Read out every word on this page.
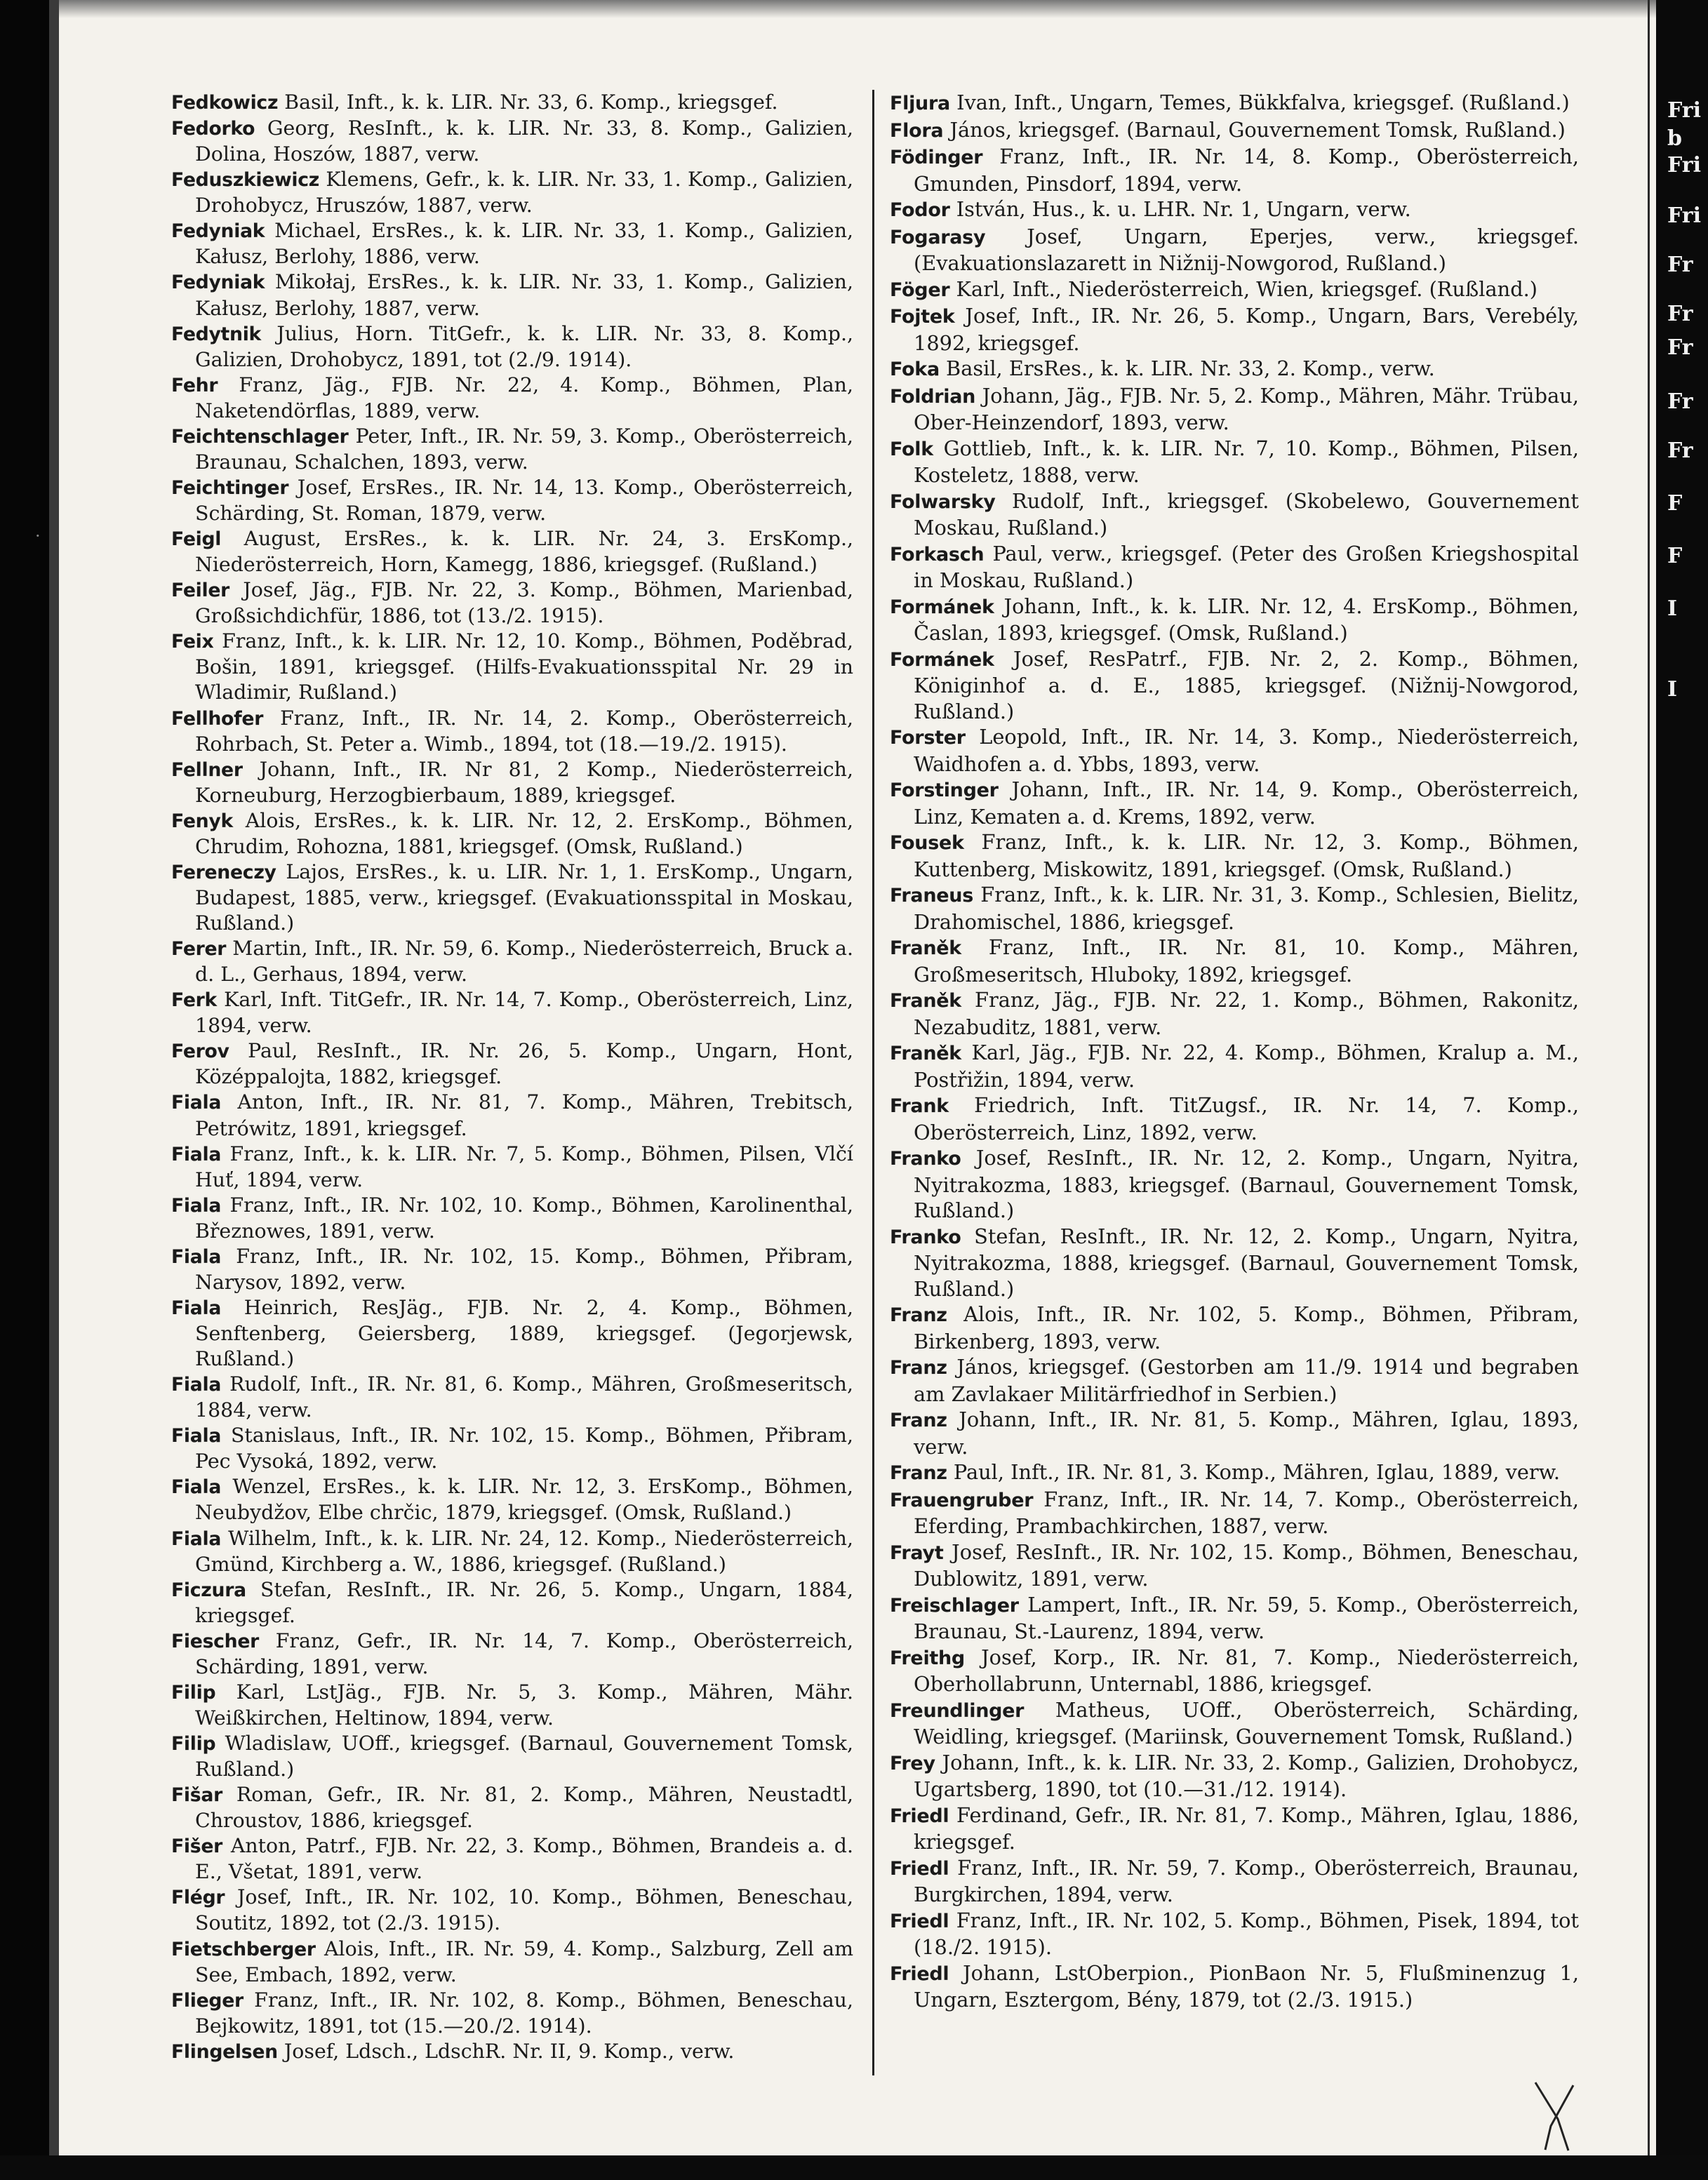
Fedkowicz Basil, Inft., k. k. LIR. Nr. 33, 6. Komp., kriegsgef.
Fedorko Georg, ResInft., k. k. LIR. Nr. 33, 8. Komp., Galizien, Dolina, Hoszów, 1887, verw.
Feduszkiewicz Klemens, Gefr., k. k. LIR. Nr. 33, 1. Komp., Galizien, Drohobycz, Hruszów, 1887, verw.
Fedyniak Michael, ErsRes., k. k. LIR. Nr. 33, 1. Komp., Galizien, Kałusz, Berlohy, 1886, verw.
Fedyniak Mikołaj, ErsRes., k. k. LIR. Nr. 33, 1. Komp., Galizien, Kałusz, Berlohy, 1887, verw.
Fedytnik Julius, Horn. TitGefr., k. k. LIR. Nr. 33, 8. Komp., Galizien, Drohobycz, 1891, tot (2./9. 1914).
Fehr Franz, Jäg., FJB. Nr. 22, 4. Komp., Böhmen, Plan, Naketendörflas, 1889, verw.
Feichtenschlager Peter, Inft., IR. Nr. 59, 3. Komp., Oberösterreich, Braunau, Schalchen, 1893, verw.
Feichtinger Josef, ErsRes., IR. Nr. 14, 13. Komp., Oberösterreich, Schärding, St. Roman, 1879, verw.
Feigl August, ErsRes., k. k. LIR. Nr. 24, 3. ErsKomp., Niederösterreich, Horn, Kamegg, 1886, kriegsgef. (Rußland.)
Feiler Josef, Jäg., FJB. Nr. 22, 3. Komp., Böhmen, Marienbad, Großsichdichfür, 1886, tot (13./2. 1915).
Feix Franz, Inft., k. k. LIR. Nr. 12, 10. Komp., Böhmen, Poděbrad, Bošin, 1891, kriegsgef. (Hilfs-Evakuationsspital Nr. 29 in Wladimir, Rußland.)
Fellhofer Franz, Inft., IR. Nr. 14, 2. Komp., Oberösterreich, Rohrbach, St. Peter a. Wimb., 1894, tot (18.—19./2. 1915).
Fellner Johann, Inft., IR. Nr 81, 2 Komp., Niederösterreich, Korneuburg, Herzogbierbaum, 1889, kriegsgef.
Fenyk Alois, ErsRes., k. k. LIR. Nr. 12, 2. ErsKomp., Böhmen, Chrudim, Rohozna, 1881, kriegsgef. (Omsk, Rußland.)
Fereneczy Lajos, ErsRes., k. u. LIR. Nr. 1, 1. ErsKomp., Ungarn, Budapest, 1885, verw., kriegsgef. (Evakuationsspital in Moskau, Rußland.)
Ferer Martin, Inft., IR. Nr. 59, 6. Komp., Niederösterreich, Bruck a. d. L., Gerhaus, 1894, verw.
Ferk Karl, Inft. TitGefr., IR. Nr. 14, 7. Komp., Oberösterreich, Linz, 1894, verw.
Ferov Paul, ResInft., IR. Nr. 26, 5. Komp., Ungarn, Hont, Középpalojta, 1882, kriegsgef.
Fiala Anton, Inft., IR. Nr. 81, 7. Komp., Mähren, Trebitsch, Petrówitz, 1891, kriegsgef.
Fiala Franz, Inft., k. k. LIR. Nr. 7, 5. Komp., Böhmen, Pilsen, Vlčí Huť, 1894, verw.
Fiala Franz, Inft., IR. Nr. 102, 10. Komp., Böhmen, Karolinenthal, Březnowes, 1891, verw.
Fiala Franz, Inft., IR. Nr. 102, 15. Komp., Böhmen, Přibram, Narysov, 1892, verw.
Fiala Heinrich, ResJäg., FJB. Nr. 2, 4. Komp., Böhmen, Senftenberg, Geiersberg, 1889, kriegsgef. (Jegorjewsk, Rußland.)
Fiala Rudolf, Inft., IR. Nr. 81, 6. Komp., Mähren, Großmeseritsch, 1884, verw.
Fiala Stanislaus, Inft., IR. Nr. 102, 15. Komp., Böhmen, Přibram, Pec Vysoká, 1892, verw.
Fiala Wenzel, ErsRes., k. k. LIR. Nr. 12, 3. ErsKomp., Böhmen, Neubydžov, Elbe chrčic, 1879, kriegsgef. (Omsk, Rußland.)
Fiala Wilhelm, Inft., k. k. LIR. Nr. 24, 12. Komp., Niederösterreich, Gmünd, Kirchberg a. W., 1886, kriegsgef. (Rußland.)
Ficzura Stefan, ResInft., IR. Nr. 26, 5. Komp., Ungarn, 1884, kriegsgef.
Fiescher Franz, Gefr., IR. Nr. 14, 7. Komp., Oberösterreich, Schärding, 1891, verw.
Filip Karl, LstJäg., FJB. Nr. 5, 3. Komp., Mähren, Mähr. Weißkirchen, Heltinow, 1894, verw.
Filip Wladislaw, UOff., kriegsgef. (Barnaul, Gouvernement Tomsk, Rußland.)
Fišar Roman, Gefr., IR. Nr. 81, 2. Komp., Mähren, Neustadtl, Chroustov, 1886, kriegsgef.
Fišer Anton, Patrf., FJB. Nr. 22, 3. Komp., Böhmen, Brandeis a. d. E., Všetat, 1891, verw.
Flégr Josef, Inft., IR. Nr. 102, 10. Komp., Böhmen, Beneschau, Soutitz, 1892, tot (2./3. 1915).
Fietschberger Alois, Inft., IR. Nr. 59, 4. Komp., Salzburg, Zell am See, Embach, 1892, verw.
Flieger Franz, Inft., IR. Nr. 102, 8. Komp., Böhmen, Beneschau, Bejkowitz, 1891, tot (15.—20./2. 1914).
Flingelsen Josef, Ldsch., LdschR. Nr. II, 9. Komp., verw.
Fljura Ivan, Inft., Ungarn, Temes, Bükkfalva, kriegsgef. (Rußland.)
Flora János, kriegsgef. (Barnaul, Gouvernement Tomsk, Rußland.)
Födinger Franz, Inft., IR. Nr. 14, 8. Komp., Oberösterreich, Gmunden, Pinsdorf, 1894, verw.
Fodor István, Hus., k. u. LHR. Nr. 1, Ungarn, verw.
Fogarasy Josef, Ungarn, Eperjes, verw., kriegsgef. (Evakuationslazarett in Nižnij-Nowgorod, Rußland.)
Föger Karl, Inft., Niederösterreich, Wien, kriegsgef. (Rußland.)
Fojtek Josef, Inft., IR. Nr. 26, 5. Komp., Ungarn, Bars, Verebély, 1892, kriegsgef.
Foka Basil, ErsRes., k. k. LIR. Nr. 33, 2. Komp., verw.
Foldrian Johann, Jäg., FJB. Nr. 5, 2. Komp., Mähren, Mähr. Trübau, Ober-Heinzendorf, 1893, verw.
Folk Gottlieb, Inft., k. k. LIR. Nr. 7, 10. Komp., Böhmen, Pilsen, Kosteletz, 1888, verw.
Folwarsky Rudolf, Inft., kriegsgef. (Skobelewo, Gouvernement Moskau, Rußland.)
Forkasch Paul, verw., kriegsgef. (Peter des Großen Kriegshospital in Moskau, Rußland.)
Formánek Johann, Inft., k. k. LIR. Nr. 12, 4. ErsKomp., Böhmen, Časlan, 1893, kriegsgef. (Omsk, Rußland.)
Formánek Josef, ResPatrf., FJB. Nr. 2, 2. Komp., Böhmen, Königinhof a. d. E., 1885, kriegsgef. (Nižnij-Nowgorod, Rußland.)
Forster Leopold, Inft., IR. Nr. 14, 3. Komp., Niederösterreich, Waidhofen a. d. Ybbs, 1893, verw.
Forstinger Johann, Inft., IR. Nr. 14, 9. Komp., Oberösterreich, Linz, Kematen a. d. Krems, 1892, verw.
Fousek Franz, Inft., k. k. LIR. Nr. 12, 3. Komp., Böhmen, Kuttenberg, Miskowitz, 1891, kriegsgef. (Omsk, Rußland.)
Franeus Franz, Inft., k. k. LIR. Nr. 31, 3. Komp., Schlesien, Bielitz, Drahomischel, 1886, kriegsgef.
Franěk Franz, Inft., IR. Nr. 81, 10. Komp., Mähren, Großmeseritsch, Hluboky, 1892, kriegsgef.
Franěk Franz, Jäg., FJB. Nr. 22, 1. Komp., Böhmen, Rakonitz, Nezabuditz, 1881, verw.
Franěk Karl, Jäg., FJB. Nr. 22, 4. Komp., Böhmen, Kralup a. M., Postřižin, 1894, verw.
Frank Friedrich, Inft. TitZugsf., IR. Nr. 14, 7. Komp., Oberösterreich, Linz, 1892, verw.
Franko Josef, ResInft., IR. Nr. 12, 2. Komp., Ungarn, Nyitra, Nyitrakozma, 1883, kriegsgef. (Barnaul, Gouvernement Tomsk, Rußland.)
Franko Stefan, ResInft., IR. Nr. 12, 2. Komp., Ungarn, Nyitra, Nyitrakozma, 1888, kriegsgef. (Barnaul, Gouvernement Tomsk, Rußland.)
Franz Alois, Inft., IR. Nr. 102, 5. Komp., Böhmen, Přibram, Birkenberg, 1893, verw.
Franz János, kriegsgef. (Gestorben am 11./9. 1914 und begraben am Zavlakaer Militärfriedhof in Serbien.)
Franz Johann, Inft., IR. Nr. 81, 5. Komp., Mähren, Iglau, 1893, verw.
Franz Paul, Inft., IR. Nr. 81, 3. Komp., Mähren, Iglau, 1889, verw.
Frauengruber Franz, Inft., IR. Nr. 14, 7. Komp., Oberösterreich, Eferding, Prambachkirchen, 1887, verw.
Frayt Josef, ResInft., IR. Nr. 102, 15. Komp., Böhmen, Beneschau, Dublowitz, 1891, verw.
Freischlager Lampert, Inft., IR. Nr. 59, 5. Komp., Oberösterreich, Braunau, St.-Laurenz, 1894, verw.
Freithg Josef, Korp., IR. Nr. 81, 7. Komp., Niederösterreich, Oberhollabrunn, Unternabl, 1886, kriegsgef.
Freundlinger Matheus, UOff., Oberösterreich, Schärding, Weidling, kriegsgef. (Mariinsk, Gouvernement Tomsk, Rußland.)
Frey Johann, Inft., k. k. LIR. Nr. 33, 2. Komp., Galizien, Drohobycz, Ugartsberg, 1890, tot (10.—31./12. 1914).
Friedl Ferdinand, Gefr., IR. Nr. 81, 7. Komp., Mähren, Iglau, 1886, kriegsgef.
Friedl Franz, Inft., IR. Nr. 59, 7. Komp., Oberösterreich, Braunau, Burgkirchen, 1894, verw.
Friedl Franz, Inft., IR. Nr. 102, 5. Komp., Böhmen, Pisek, 1894, tot (18./2. 1915).
Friedl Johann, LstOberpion., PionBaon Nr. 5, Flußminenzug 1, Ungarn, Esztergom, Bény, 1879, tot (2./3. 1915.)
Fri
b
Fri
Fri
Fr
Fr
Fr
Fr
Fr
F
F
I
I
·
